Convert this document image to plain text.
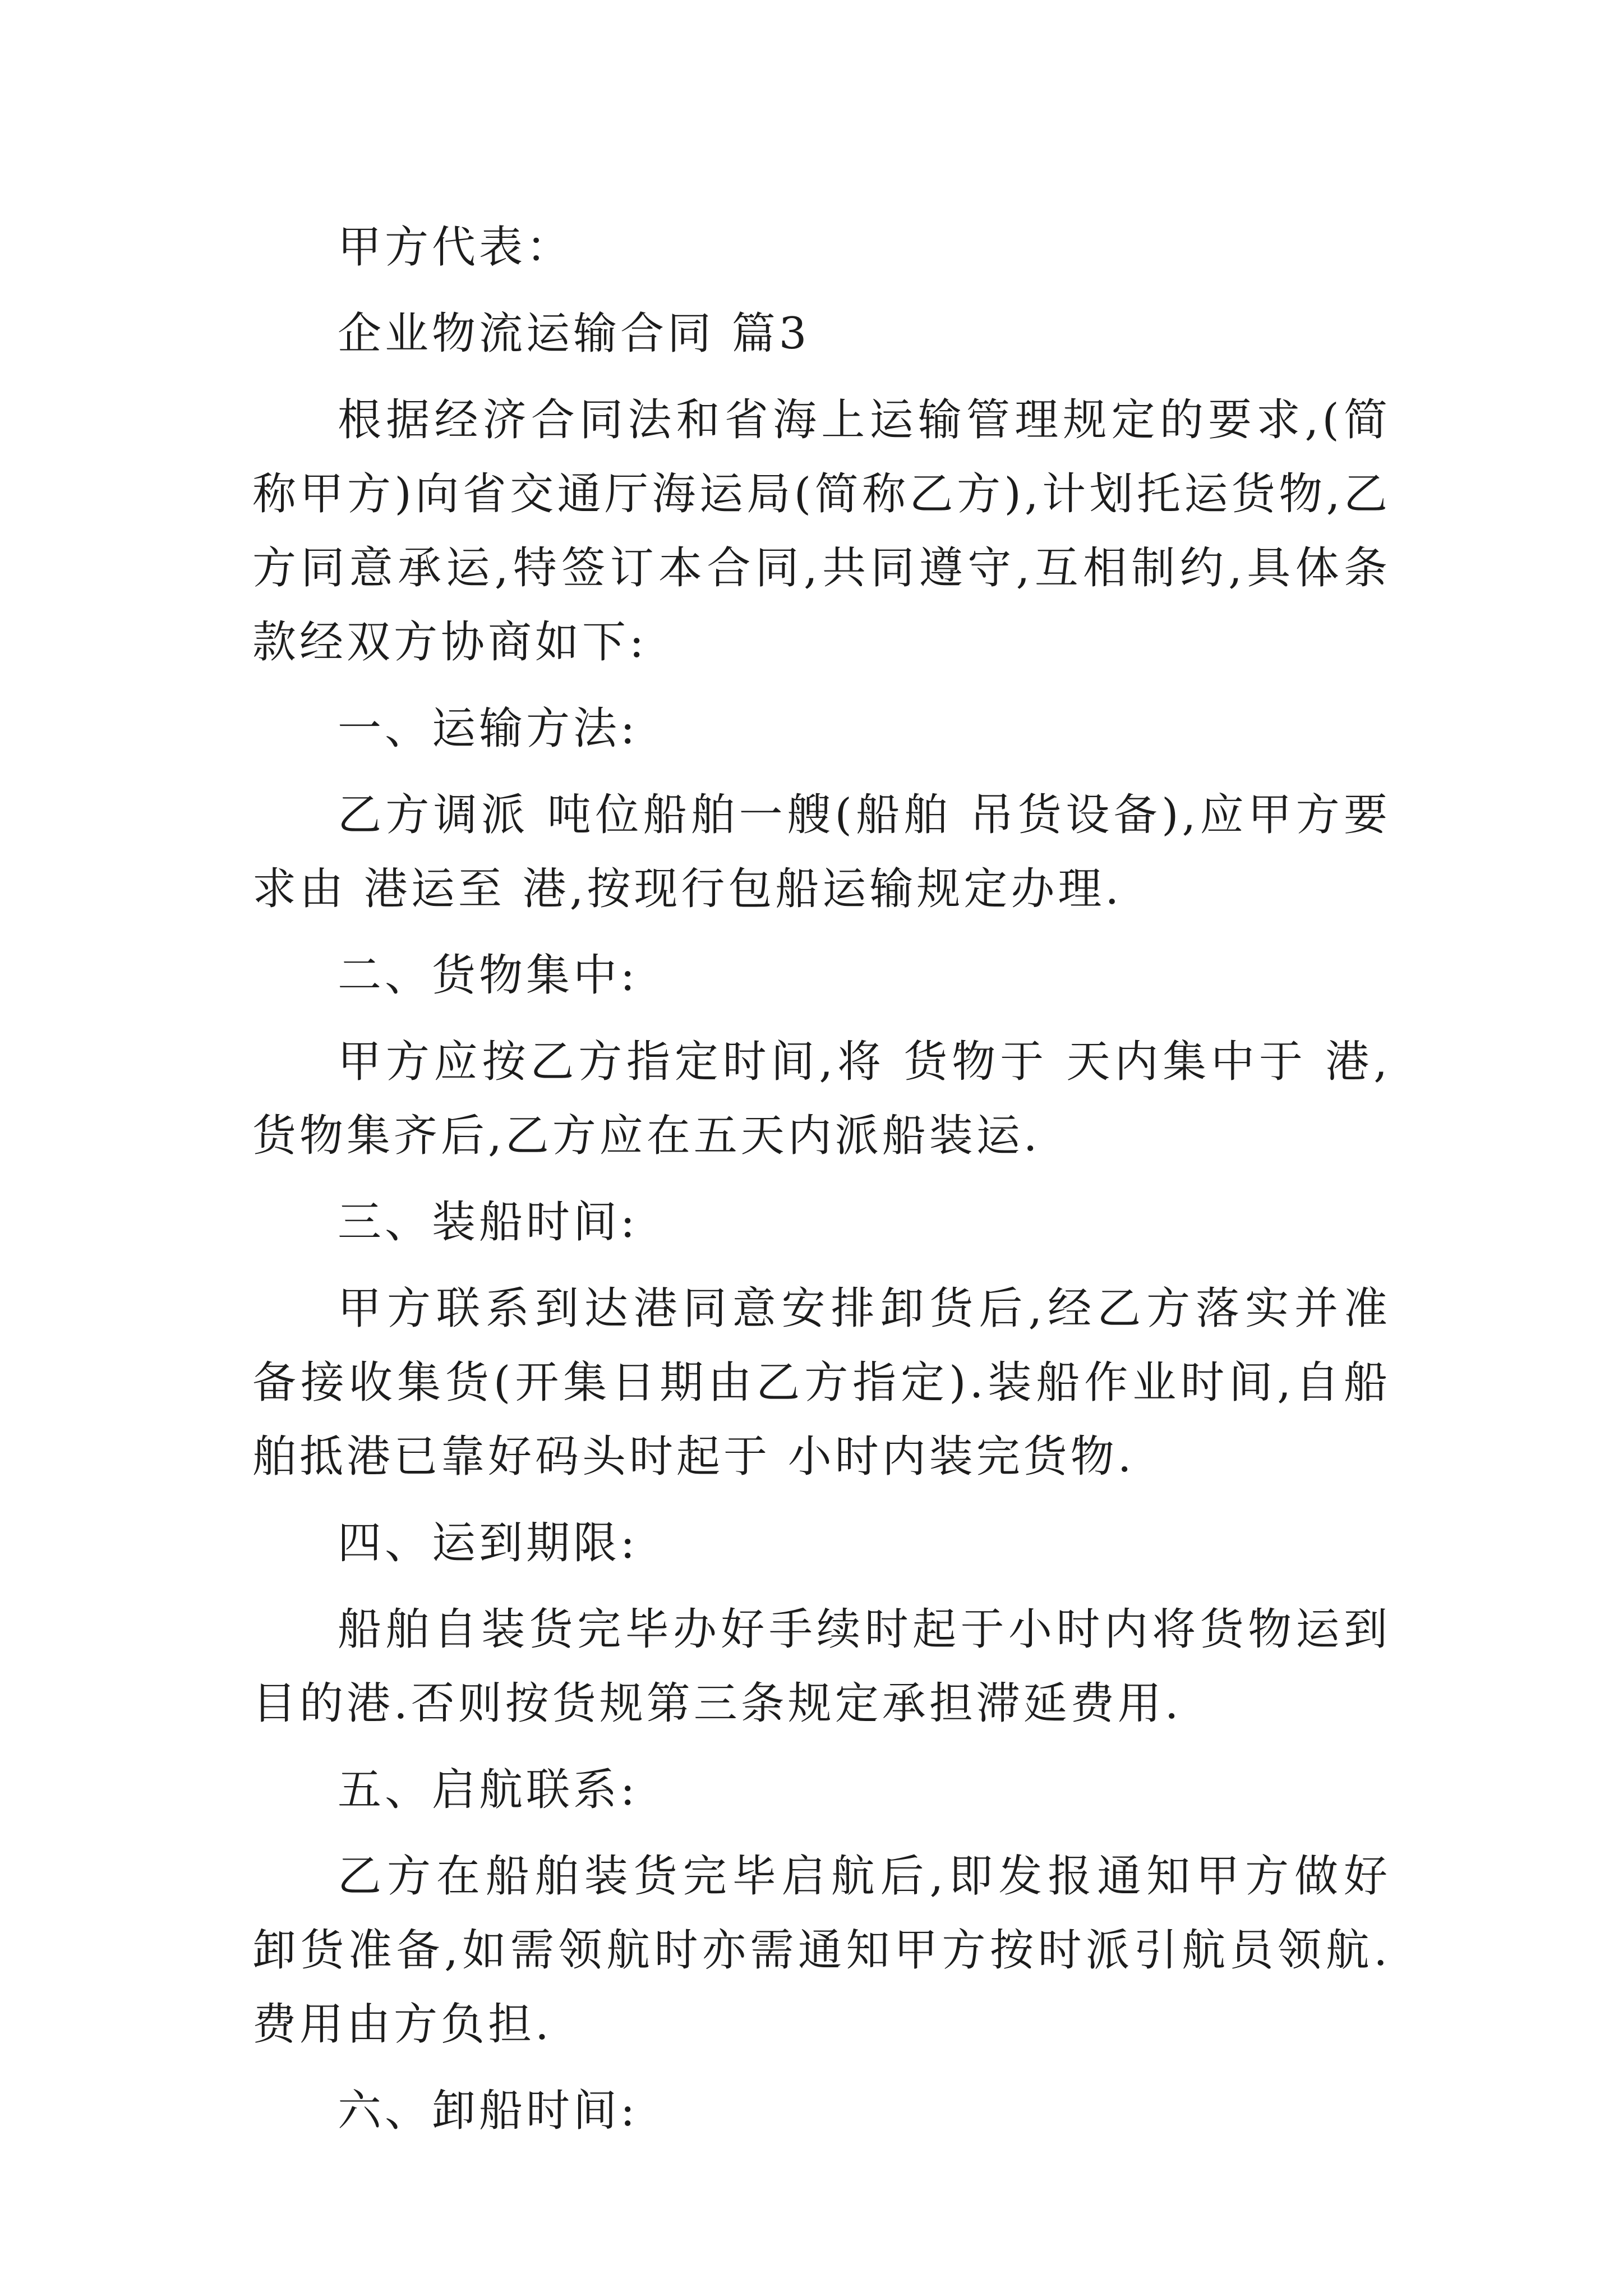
甲方代表：

企业物流运输合同 篇3

根据经济合同法和省海上运输管理规定的要求,(简称甲方)向省交通厅海运局(简称乙方),计划托运货物,乙方同意承运,特签订本合同,共同遵守,互相制约,具体条款经双方协商如下:

一、运输方法:

乙方调派 吨位船舶一艘(船舶 吊货设备),应甲方要求由 港运至 港,按现行包船运输规定办理.

二、货物集中:

甲方应按乙方指定时间,将 货物于 天内集中于 港,货物集齐后,乙方应在五天内派船装运.

三、装船时间:

甲方联系到达港同意安排卸货后,经乙方落实并准备接收集货(开集日期由乙方指定).装船作业时间,自船舶抵港已靠好码头时起于 小时内装完货物.

四、运到期限:

船舶自装货完毕办好手续时起于小时内将货物运到目的港.否则按货规第三条规定承担滞延费用.

五、启航联系:

乙方在船舶装货完毕启航后,即发报通知甲方做好卸货准备,如需领航时亦需通知甲方按时派引航员领航.费用由方负担.

六、卸船时间:
